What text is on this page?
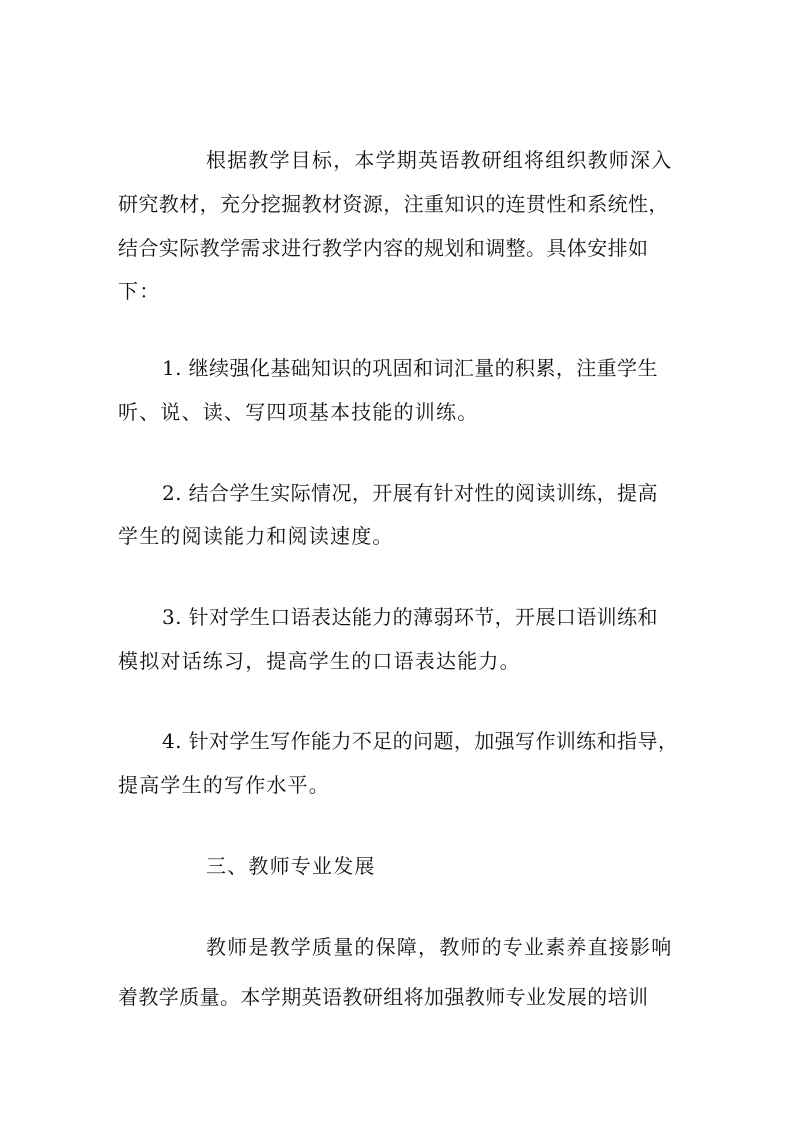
根据教学目标，本学期英语教研组将组织教师深入
研究教材，充分挖掘教材资源，注重知识的连贯性和系统性，
结合实际教学需求进行教学内容的规划和调整。具体安排如
下：
1. 继续强化基础知识的巩固和词汇量的积累，注重学生
听、说、读、写四项基本技能的训练。
2. 结合学生实际情况，开展有针对性的阅读训练，提高
学生的阅读能力和阅读速度。
3. 针对学生口语表达能力的薄弱环节，开展口语训练和
模拟对话练习，提高学生的口语表达能力。
4. 针对学生写作能力不足的问题，加强写作训练和指导，
提高学生的写作水平。
三、教师专业发展
教师是教学质量的保障，教师的专业素养直接影响
着教学质量。本学期英语教研组将加强教师专业发展的培训
